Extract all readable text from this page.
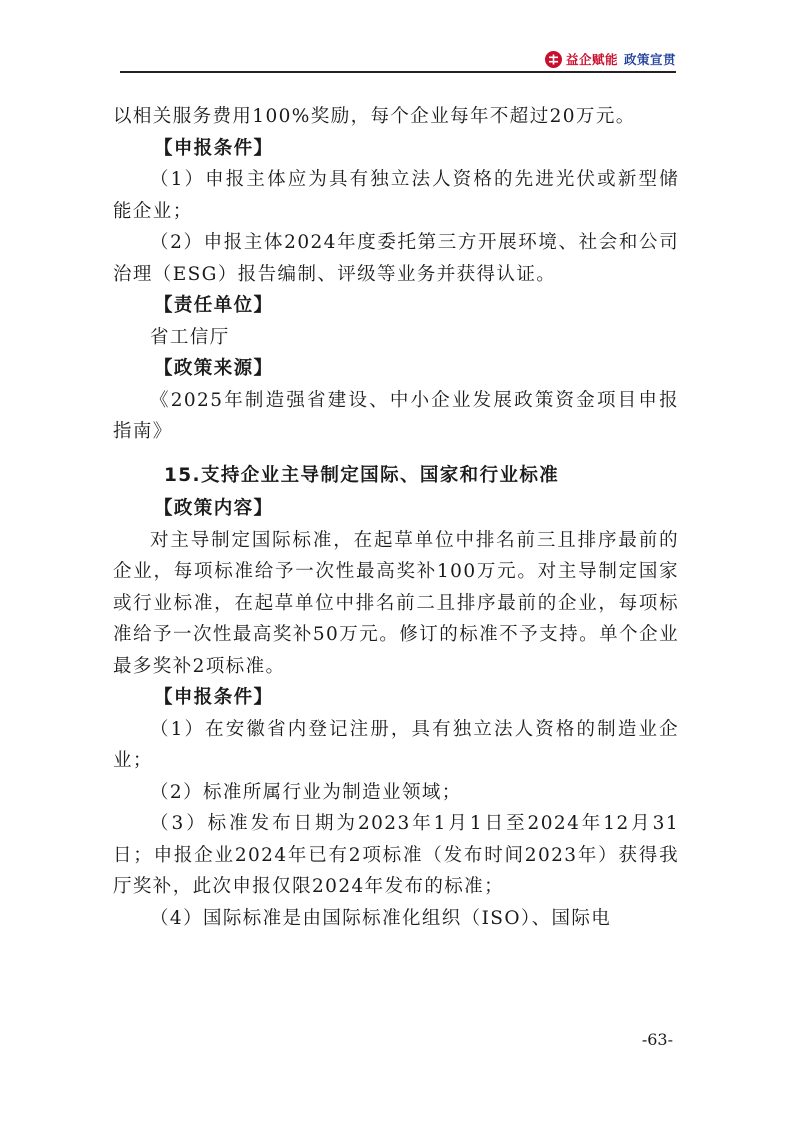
益企赋能 政策宣贯

以相关服务费用100%奖励，每个企业每年不超过20万元。

【申报条件】

（1）申报主体应为具有独立法人资格的先进光伏或新型储能企业；

（2）申报主体2024年度委托第三方开展环境、社会和公司治理（ESG）报告编制、评级等业务并获得认证。

【责任单位】

省工信厅

【政策来源】

《2025年制造强省建设、中小企业发展政策资金项目申报指南》

15.支持企业主导制定国际、国家和行业标准

【政策内容】

对主导制定国际标准，在起草单位中排名前三且排序最前的企业，每项标准给予一次性最高奖补100万元。对主导制定国家或行业标准，在起草单位中排名前二且排序最前的企业，每项标准给予一次性最高奖补50万元。修订的标准不予支持。单个企业最多奖补2项标准。

【申报条件】

（1）在安徽省内登记注册，具有独立法人资格的制造业企业；

（2）标准所属行业为制造业领域；

（3）标准发布日期为2023年1月1日至2024年12月31日；申报企业2024年已有2项标准（发布时间2023年）获得我厅奖补，此次申报仅限2024年发布的标准；

（4）国际标准是由国际标准化组织（ISO）、国际电

-63-
